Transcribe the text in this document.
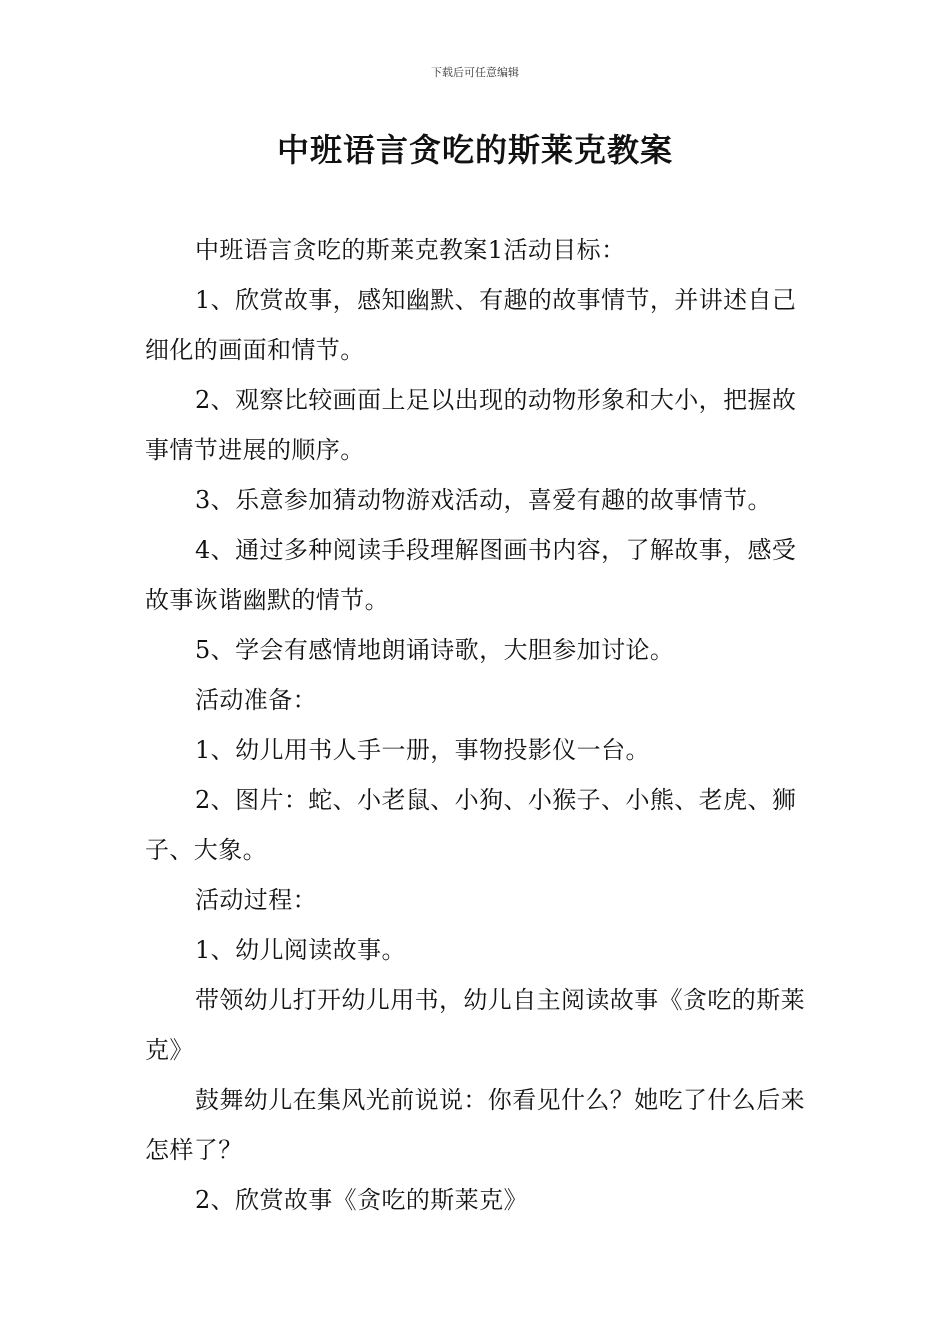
下载后可任意编辑
中班语言贪吃的斯莱克教案

中班语言贪吃的斯莱克教案1活动目标：

1、欣赏故事，感知幽默、有趣的故事情节，并讲述自己细化的画面和情节。

2、观察比较画面上足以出现的动物形象和大小，把握故事情节进展的顺序。

3、乐意参加猜动物游戏活动，喜爱有趣的故事情节。

4、通过多种阅读手段理解图画书内容，了解故事，感受故事诙谐幽默的情节。

5、学会有感情地朗诵诗歌，大胆参加讨论。

活动准备：

1、幼儿用书人手一册，事物投影仪一台。

2、图片：蛇、小老鼠、小狗、小猴子、小熊、老虎、狮子、大象。

活动过程：

1、幼儿阅读故事。

带领幼儿打开幼儿用书，幼儿自主阅读故事《贪吃的斯莱克》

鼓舞幼儿在集风光前说说：你看见什么？她吃了什么后来怎样了？

2、欣赏故事《贪吃的斯莱克》
